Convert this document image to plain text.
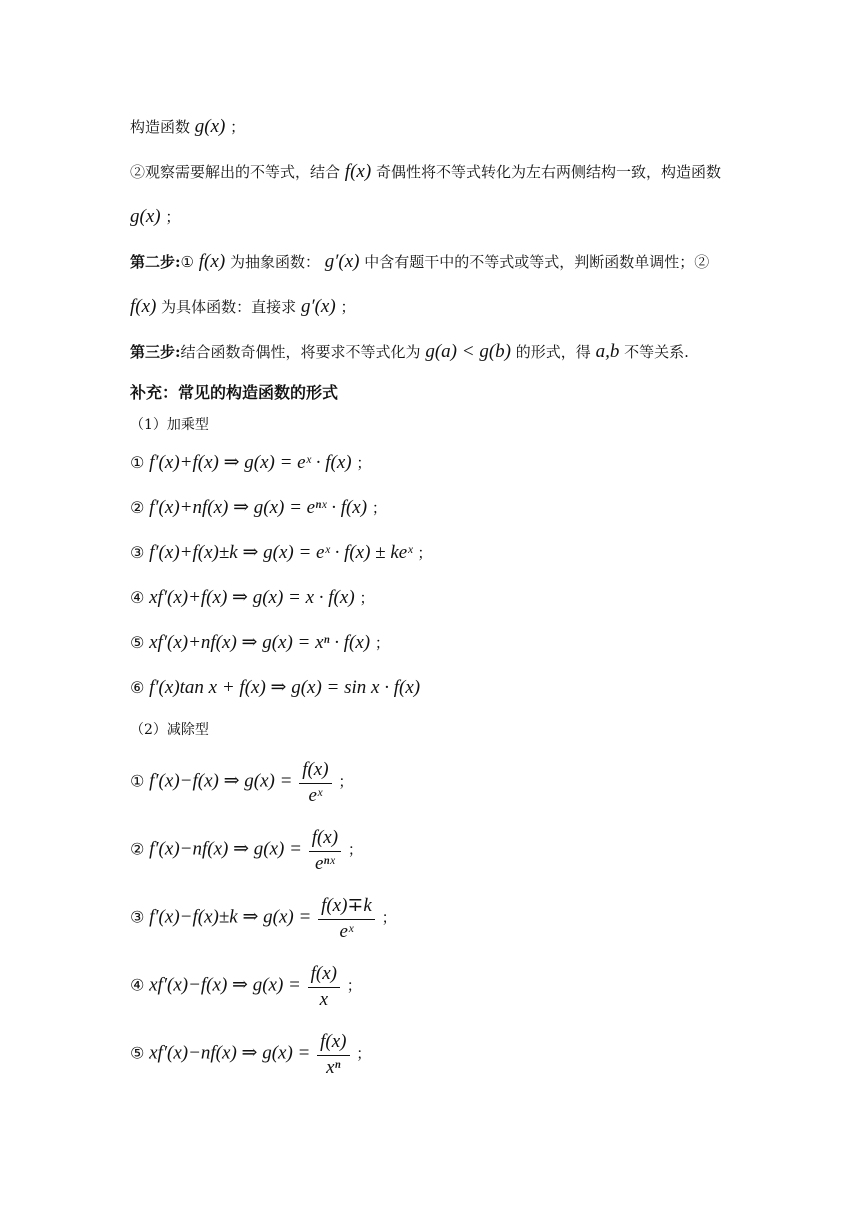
构造函数 g(x) ；
②观察需要解出的不等式，结合 f(x) 奇偶性将不等式转化为左右两侧结构一致，构造函数
g(x) ；
第二步:① f(x) 为抽象函数： g′(x) 中含有题干中的不等式或等式，判断函数单调性；②
f(x) 为具体函数：直接求 g′(x) ；
第三步:结合函数奇偶性，将要求不等式化为 g(a) < g(b) 的形式，得 a,b 不等关系.
补充：常见的构造函数的形式
（1）加乘型
① f′(x)+f(x) ⇒ g(x) = eˣ · f(x) ；
② f′(x)+nf(x) ⇒ g(x) = eⁿˣ · f(x) ；
③ f′(x)+f(x)±k ⇒ g(x) = eˣ · f(x) ± keˣ ；
④ xf′(x)+f(x) ⇒ g(x) = x · f(x) ；
⑤ xf′(x)+nf(x) ⇒ g(x) = xⁿ · f(x) ；
⑥ f′(x)tan x + f(x) ⇒ g(x) = sin x · f(x)
（2）减除型
① f′(x)−f(x) ⇒ $g(x) = \frac{f(x)}{\text{eˣ}}$ ；
② f′(x)−nf(x) ⇒ $g(x) = \frac{f(x)}{\text{eⁿˣ}}$ ；
③ f′(x)−f(x)±k ⇒ $g(x) = \frac{f(x)\mp k}{\text{eˣ}}$ ；
④ xf′(x)−f(x) ⇒ $g(x) = \frac{f(x)}{x}$ ；
⑤ xf′(x)−nf(x) ⇒ $g(x) = \frac{f(x)}{\text{xⁿ}}$ ；
